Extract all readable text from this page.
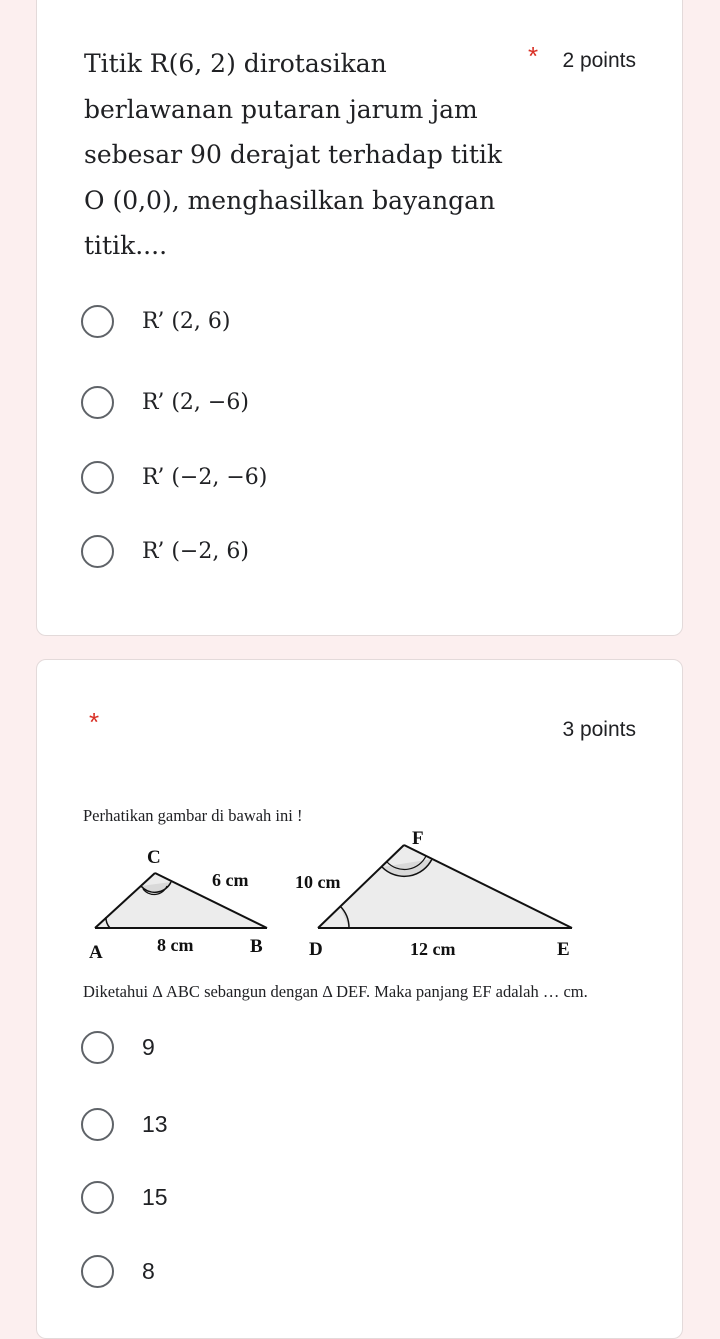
Titik R(6, 2) dirotasikan berlawanan putaran jarum jam sebesar 90 derajat terhadap titik O (0,0), menghasilkan bayangan titik....
* 2 points
R’ (2, 6)
R’ (2, −6)
R’ (−2, −6)
R’ (−2, 6)
*	3 points
Perhatikan gambar di bawah ini !
A	B
C
6 cm
8 cm	D	E
F
10 cm
12 cm
Diketahui Δ ABC sebangun dengan Δ DEF. Maka panjang EF adalah … cm.
9
13
15
8
